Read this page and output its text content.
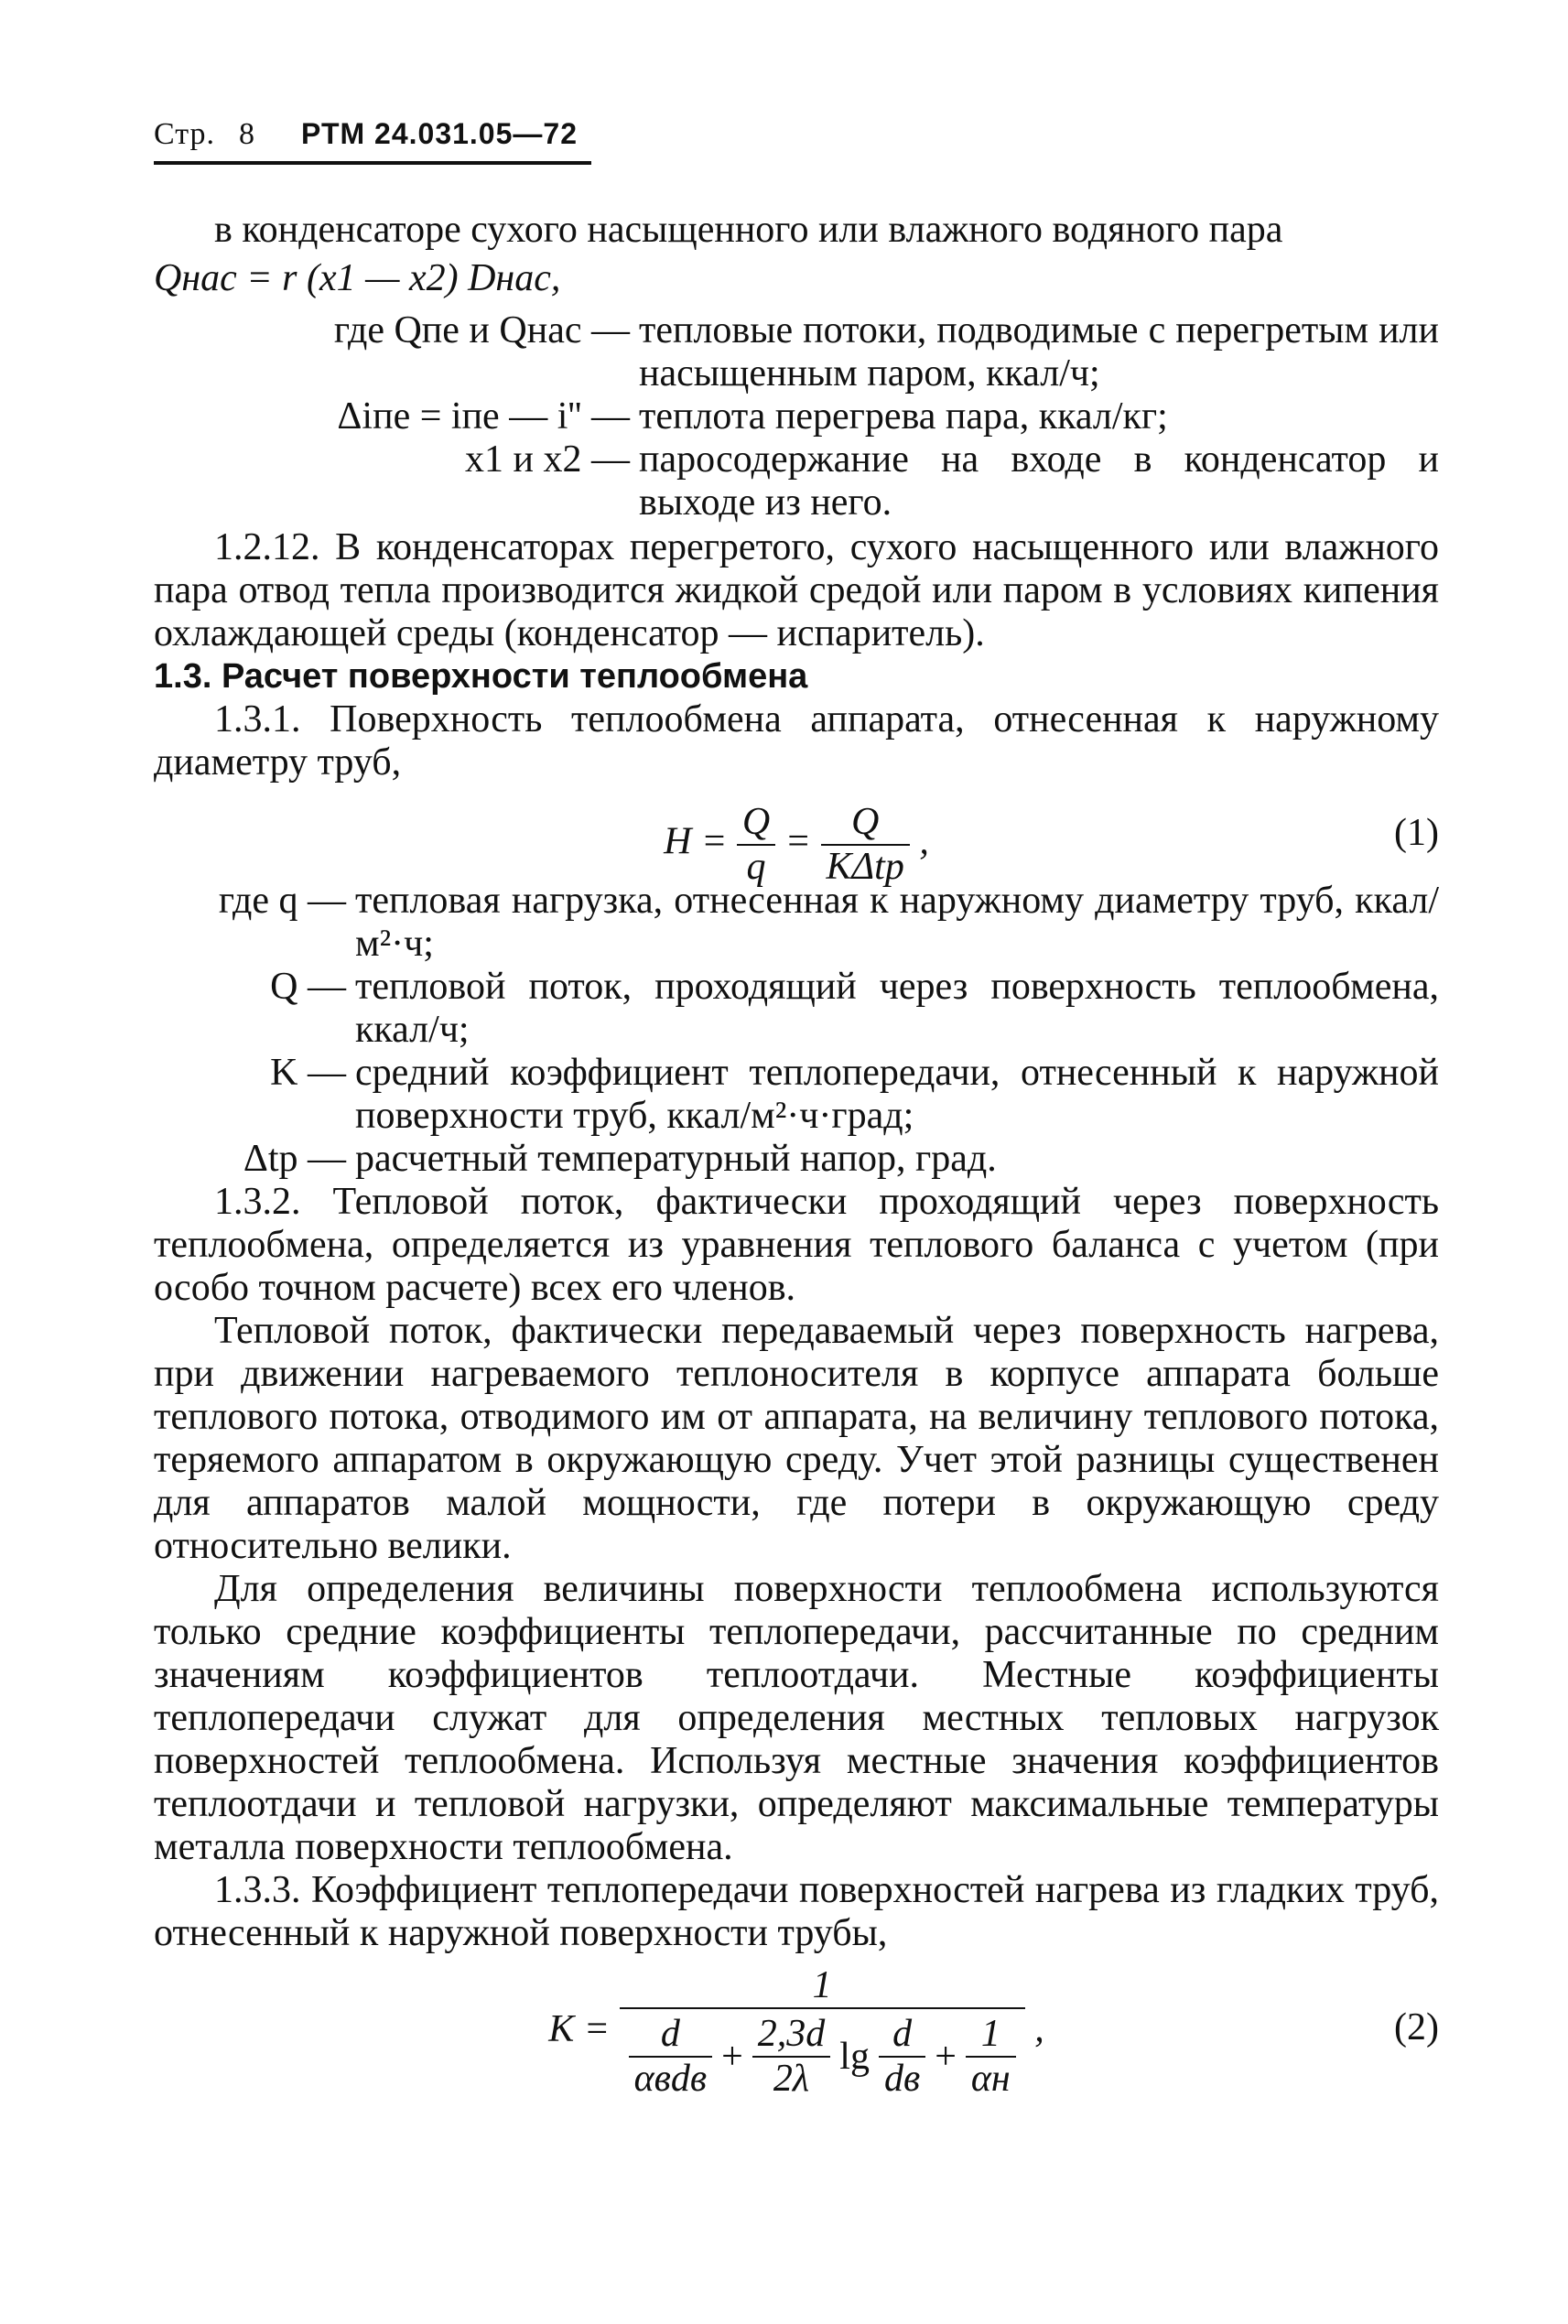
Стр. 8 РТМ 24.031.05—72

в конденсаторе сухого насыщенного или влажного водяного пара

Qнас = r (x1 — x2) Dнас,

где Qпе и Qнас — тепловые потоки, подводимые с перегретым или насыщенным паром, ккал/ч;
Δiпе = iпе — i'' — теплота перегрева пара, ккал/кг;
x1 и x2 — паросодержание на входе в конденсатор и выходе из него.

1.2.12. В конденсаторах перегретого, сухого насыщенного или влажного пара отвод тепла производится жидкой средой или паром в условиях кипения охлаждающей среды (конденсатор — испаритель).

1.3. Расчет поверхности теплообмена

1.3.1. Поверхность теплообмена аппарата, отнесенная к наружному диаметру труб,

$H = \frac{Q}{q} = \frac{Q}{\text{KΔtр}}$ ,	(1)
где q — тепловая нагрузка, отнесенная к наружному диаметру труб, ккал/м²·ч;
Q — тепловой поток, проходящий через поверхность теплообмена, ккал/ч;
K — средний коэффициент теплопередачи, отнесенный к наружной поверхности труб, ккал/м²·ч·град;
Δtр — расчетный температурный напор, град.

1.3.2. Тепловой поток, фактически проходящий через поверхность теплообмена, определяется из уравнения теплового баланса с учетом (при особо точном расчете) всех его членов.

Тепловой поток, фактически передаваемый через поверхность нагрева, при движении нагреваемого теплоносителя в корпусе аппарата больше теплового потока, отводимого им от аппарата, на величину теплового потока, теряемого аппаратом в окружающую среду. Учет этой разницы существенен для аппаратов малой мощности, где потери в окружающую среду относительно велики.

Для определения величины поверхности теплообмена используются только средние коэффициенты теплопередачи, рассчитанные по средним значениям коэффициентов теплоотдачи. Местные коэффициенты теплопередачи служат для определения местных тепловых нагрузок поверхностей теплообмена. Используя местные значения коэффициентов теплоотдачи и тепловой нагрузки, определяют максимальные температуры металла поверхности теплообмена.

1.3.3. Коэффициент теплопередачи поверхностей нагрева из гладких труб, отнесенный к наружной поверхности трубы,

K =
1
$\frac{d}{\text{αвdв}} + \frac{2,3d}{2\lambda}$ $\lg \frac{d}{dв} + \frac{1}{\alpha н}$ ,	(2)
